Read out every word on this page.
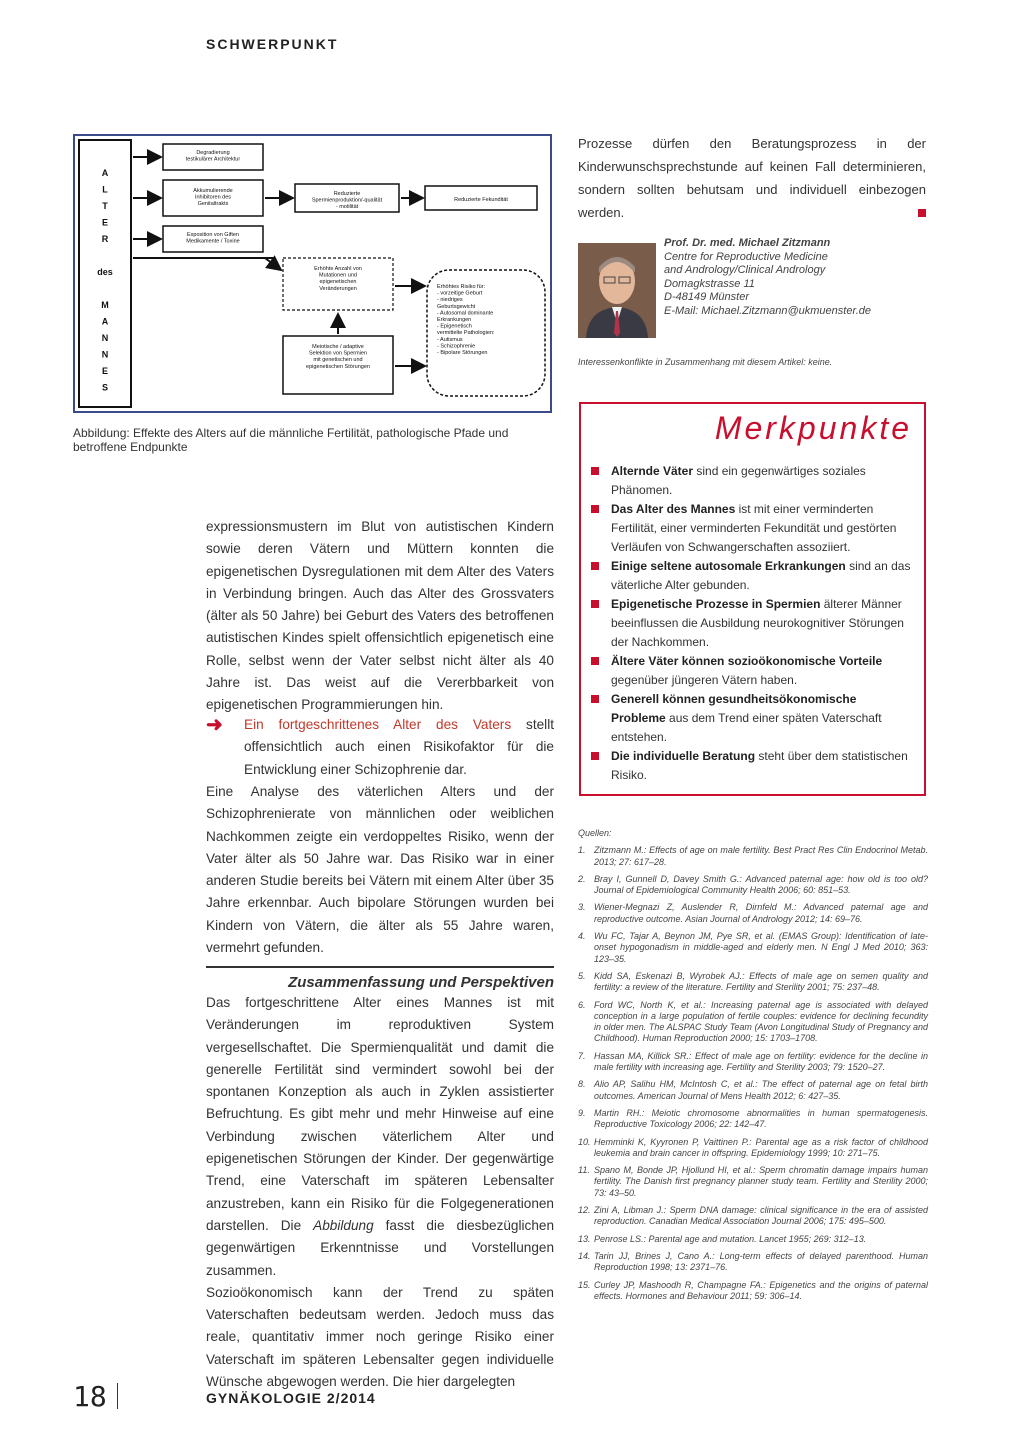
SCHWERPUNKT
A
L
T
E
R
des
M
A
N
N
E
S
Degradierung testikulärer Architektur
Akkumulierende Inhibitoren des Genitaltrakts
Exposition von Giften Medikamente / Toxine
Reduzierte Spermienproduktion/-qualität - motilität
Reduzierte Fekundität
Erhöhte Anzahl von Mutationen und epigenetischen Veränderungen
Meiotische / adaptive Selektion von Spermien mit genetischen und epigenetischen Störungen
Erhöhtes Risiko für: - vorzeitige Geburt - niedriges Geburtsgewicht - Autosomal dominante Erkrankungen - Epigenetisch vermittelte Pathologien: - Autismus - Schizophrenie - Bipolare Störungen
Abbildung: Effekte des Alters auf die männliche Fertilität, pathologische Pfade und betroffene Endpunkte

expressionsmustern im Blut von autistischen Kindern sowie deren Vätern und Müttern konnten die epigenetischen Dysregulationen mit dem Alter des Vaters in Verbindung bringen. Auch das Alter des Grossvaters (älter als 50 Jahre) bei Geburt des Vaters des betroffenen autistischen Kindes spielt offensichtlich epigenetisch eine Rolle, selbst wenn der Vater selbst nicht älter als 40 Jahre ist. Das weist auf die Vererbbarkeit von epigenetischen Programmierungen hin.

➜ Ein fortgeschrittenes Alter des Vaters stellt offensichtlich auch einen Risikofaktor für die Entwicklung einer Schizophrenie dar.

Eine Analyse des väterlichen Alters und der Schizophrenierate von männlichen oder weiblichen Nachkommen zeigte ein verdoppeltes Risiko, wenn der Vater älter als 50 Jahre war. Das Risiko war in einer anderen Studie bereits bei Vätern mit einem Alter über 35 Jahre erkennbar. Auch bipolare Störungen wurden bei Kindern von Vätern, die älter als 55 Jahre waren, vermehrt gefunden.

Zusammenfassung und Perspektiven

Das fortgeschrittene Alter eines Mannes ist mit Veränderungen im reproduktiven System vergesellschaftet. Die Spermienqualität und damit die generelle Fertilität sind vermindert sowohl bei der spontanen Konzeption als auch in Zyklen assistierter Befruchtung. Es gibt mehr und mehr Hinweise auf eine Verbindung zwischen väterlichem Alter und epigenetischen Störungen der Kinder. Der gegenwärtige Trend, eine Vaterschaft im späteren Lebensalter anzustreben, kann ein Risiko für die Folgegenerationen darstellen. Die Abbildung fasst die diesbezüglichen gegenwärtigen Erkenntnisse und Vorstellungen zusammen.

Sozioökonomisch kann der Trend zu späten Vaterschaften bedeutsam werden. Jedoch muss das reale, quantitativ immer noch geringe Risiko einer Vaterschaft im späteren Lebensalter gegen individuelle Wünsche abgewogen werden. Die hier dargelegten

Prozesse dürfen den Beratungsprozess in der Kinderwunschsprechstunde auf keinen Fall determinieren, sondern sollten behutsam und individuell einbezogen werden.
Prof. Dr. med. Michael Zitzmann
Centre for Reproductive Medicine
and Andrology/Clinical Andrology
Domagkstrasse 11
D-48149 Münster
E-Mail: Michael.Zitzmann@ukmuenster.de
Interessenkonflikte in Zusammenhang mit diesem Artikel: keine.
Merkpunkte
Alternde Väter sind ein gegenwärtiges soziales Phänomen.
Das Alter des Mannes ist mit einer verminderten Fertilität, einer verminderten Fekundität und gestörten Verläufen von Schwangerschaften assoziiert.
Einige seltene autosomale Erkrankungen sind an das väterliche Alter gebunden.
Epigenetische Prozesse in Spermien älterer Männer beeinflussen die Ausbildung neurokognitiver Störungen der Nachkommen.
Ältere Väter können sozioökonomische Vorteile gegenüber jüngeren Vätern haben.
Generell können gesundheitsökonomische Probleme aus dem Trend einer späten Vaterschaft entstehen.
Die individuelle Beratung steht über dem statistischen Risiko.
Quellen:
1. Zitzmann M.: Effects of age on male fertility. Best Pract Res Clin Endocrinol Metab. 2013; 27: 617–28.
2. Bray I, Gunnell D, Davey Smith G.: Advanced paternal age: how old is too old? Journal of Epidemiological Community Health 2006; 60: 851–53.
3. Wiener-Megnazi Z, Auslender R, Dirnfeld M.: Advanced paternal age and reproductive outcome. Asian Journal of Andrology 2012; 14: 69–76.
4. Wu FC, Tajar A, Beynon JM, Pye SR, et al. (EMAS Group): Identification of late-onset hypogonadism in middle-aged and elderly men. N Engl J Med 2010; 363: 123–35.
5. Kidd SA, Eskenazi B, Wyrobek AJ.: Effects of male age on semen quality and fertility: a review of the literature. Fertility and Sterility 2001; 75: 237–48.
6. Ford WC, North K, et al.: Increasing paternal age is associated with delayed conception in a large population of fertile couples: evidence for declining fecundity in older men. The ALSPAC Study Team (Avon Longitudinal Study of Pregnancy and Childhood). Human Reproduction 2000; 15: 1703–1708.
7. Hassan MA, Killick SR.: Effect of male age on fertility: evidence for the decline in male fertility with increasing age. Fertility and Sterility 2003; 79: 1520–27.
8. Alio AP, Salihu HM, McIntosh C, et al.: The effect of paternal age on fetal birth outcomes. American Journal of Mens Health 2012; 6: 427–35.
9. Martin RH.: Meiotic chromosome abnormalities in human spermatogenesis. Reproductive Toxicology 2006; 22: 142–47.
10. Hemminki K, Kyyronen P, Vaittinen P.: Parental age as a risk factor of childhood leukemia and brain cancer in offspring. Epidemiology 1999; 10: 271–75.
11. Spano M, Bonde JP, Hjollund HI, et al.: Sperm chromatin damage impairs human fertility. The Danish first pregnancy planner study team. Fertility and Sterility 2000; 73: 43–50.
12. Zini A, Libman J.: Sperm DNA damage: clinical significance in the era of assisted reproduction. Canadian Medical Association Journal 2006; 175: 495–500.
13. Penrose LS.: Parental age and mutation. Lancet 1955; 269: 312–13.
14. Tarin JJ, Brines J, Cano A.: Long-term effects of delayed parenthood. Human Reproduction 1998; 13: 2371–76.
15. Curley JP, Mashoodh R, Champagne FA.: Epigenetics and the origins of paternal effects. Hormones and Behaviour 2011; 59: 306–14.
18	GYNÄKOLOGIE 2/2014
